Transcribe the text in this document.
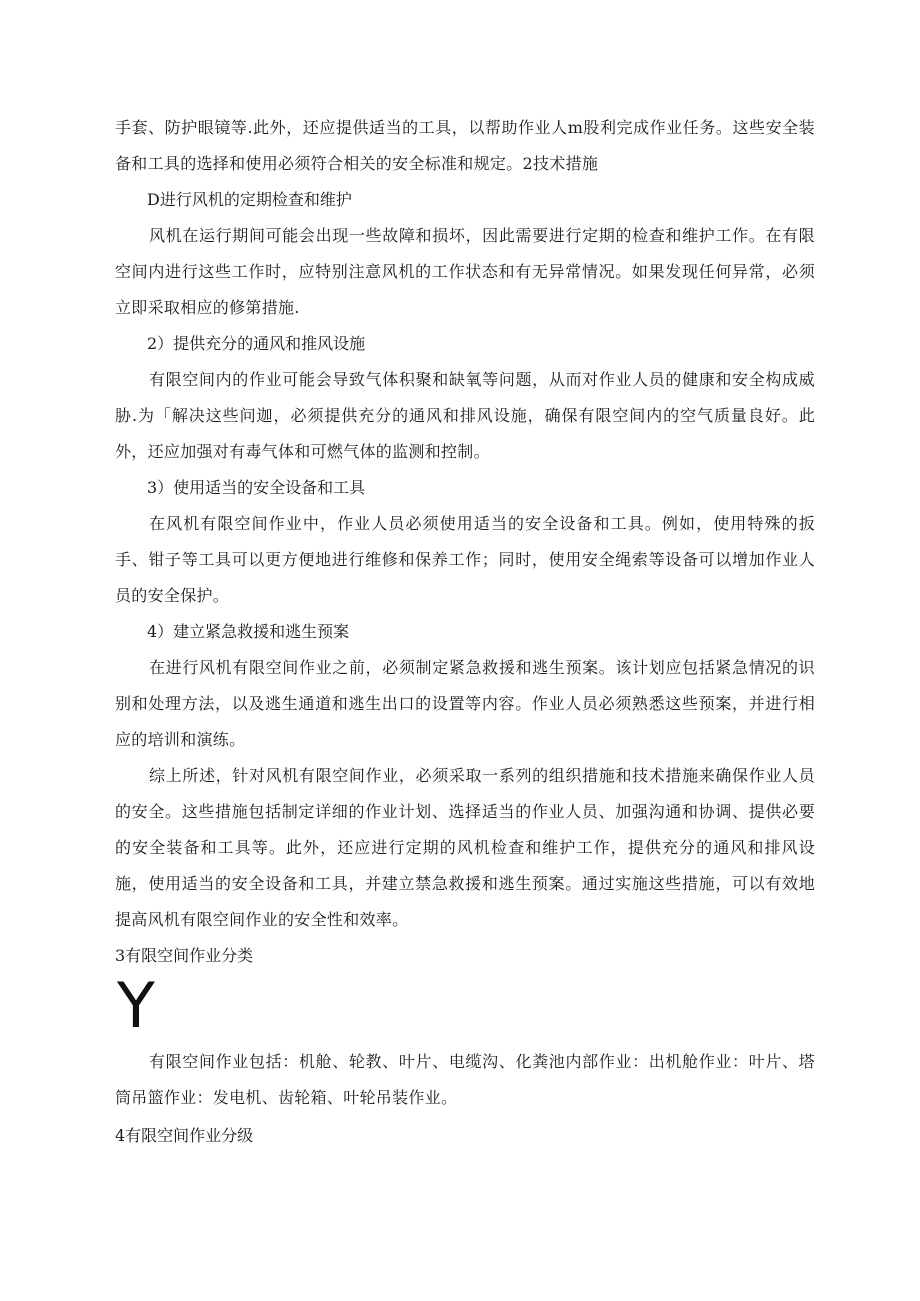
手套、防护眼镜等.此外，还应提供适当的工具，以帮助作业人m股利完成作业任务。这些安全装备和工具的选择和使用必须符合相关的安全标准和规定。2技术措施

D进行风机的定期检查和维护

风机在运行期间可能会出现一些故障和损坏，因此需要进行定期的检查和维护工作。在有限空间内进行这些工作时，应特别注意风机的工作状态和有无异常情况。如果发现任何异常，必须立即采取相应的修第措施.

2）提供充分的通风和推风设施

有限空间内的作业可能会导致气体积聚和缺氧等问题，从而对作业人员的健康和安全构成威胁.为「解决这些问迦，必须提供充分的通风和排风设施，确保有限空间内的空气质量良好。此外，还应加强对有毒气体和可燃气体的监测和控制。

3）使用适当的安全设备和工具

在风机有限空间作业中，作业人员必须使用适当的安全设备和工具。例如，使用特殊的扳手、钳子等工具可以更方便地进行维修和保养工作；同时，使用安全绳索等设备可以增加作业人员的安全保护。

4）建立紧急救援和逃生预案

在进行风机有限空间作业之前，必须制定紧急救援和逃生预案。该计划应包括紧急情况的识别和处理方法，以及逃生通道和逃生出口的设置等内容。作业人员必须熟悉这些预案，并进行相应的培训和演练。

综上所述，针对风机有限空间作业，必须采取一系列的组织措施和技术措施来确保作业人员的安全。这些措施包括制定详细的作业计划、选择适当的作业人员、加强沟通和协调、提供必要的安全装备和工具等。此外，还应进行定期的风机检查和维护工作，提供充分的通风和排风设施，使用适当的安全设备和工具，并建立禁急救援和逃生预案。通过实施这些措施，可以有效地提高风机有限空间作业的安全性和效率。

3有限空间作业分类

Y

有限空间作业包括：机舱、轮教、叶片、电缆沟、化粪池内部作业：出机舱作业：叶片、塔筒吊篮作业：发电机、齿轮箱、叶轮吊装作业。

4有限空间作业分级
